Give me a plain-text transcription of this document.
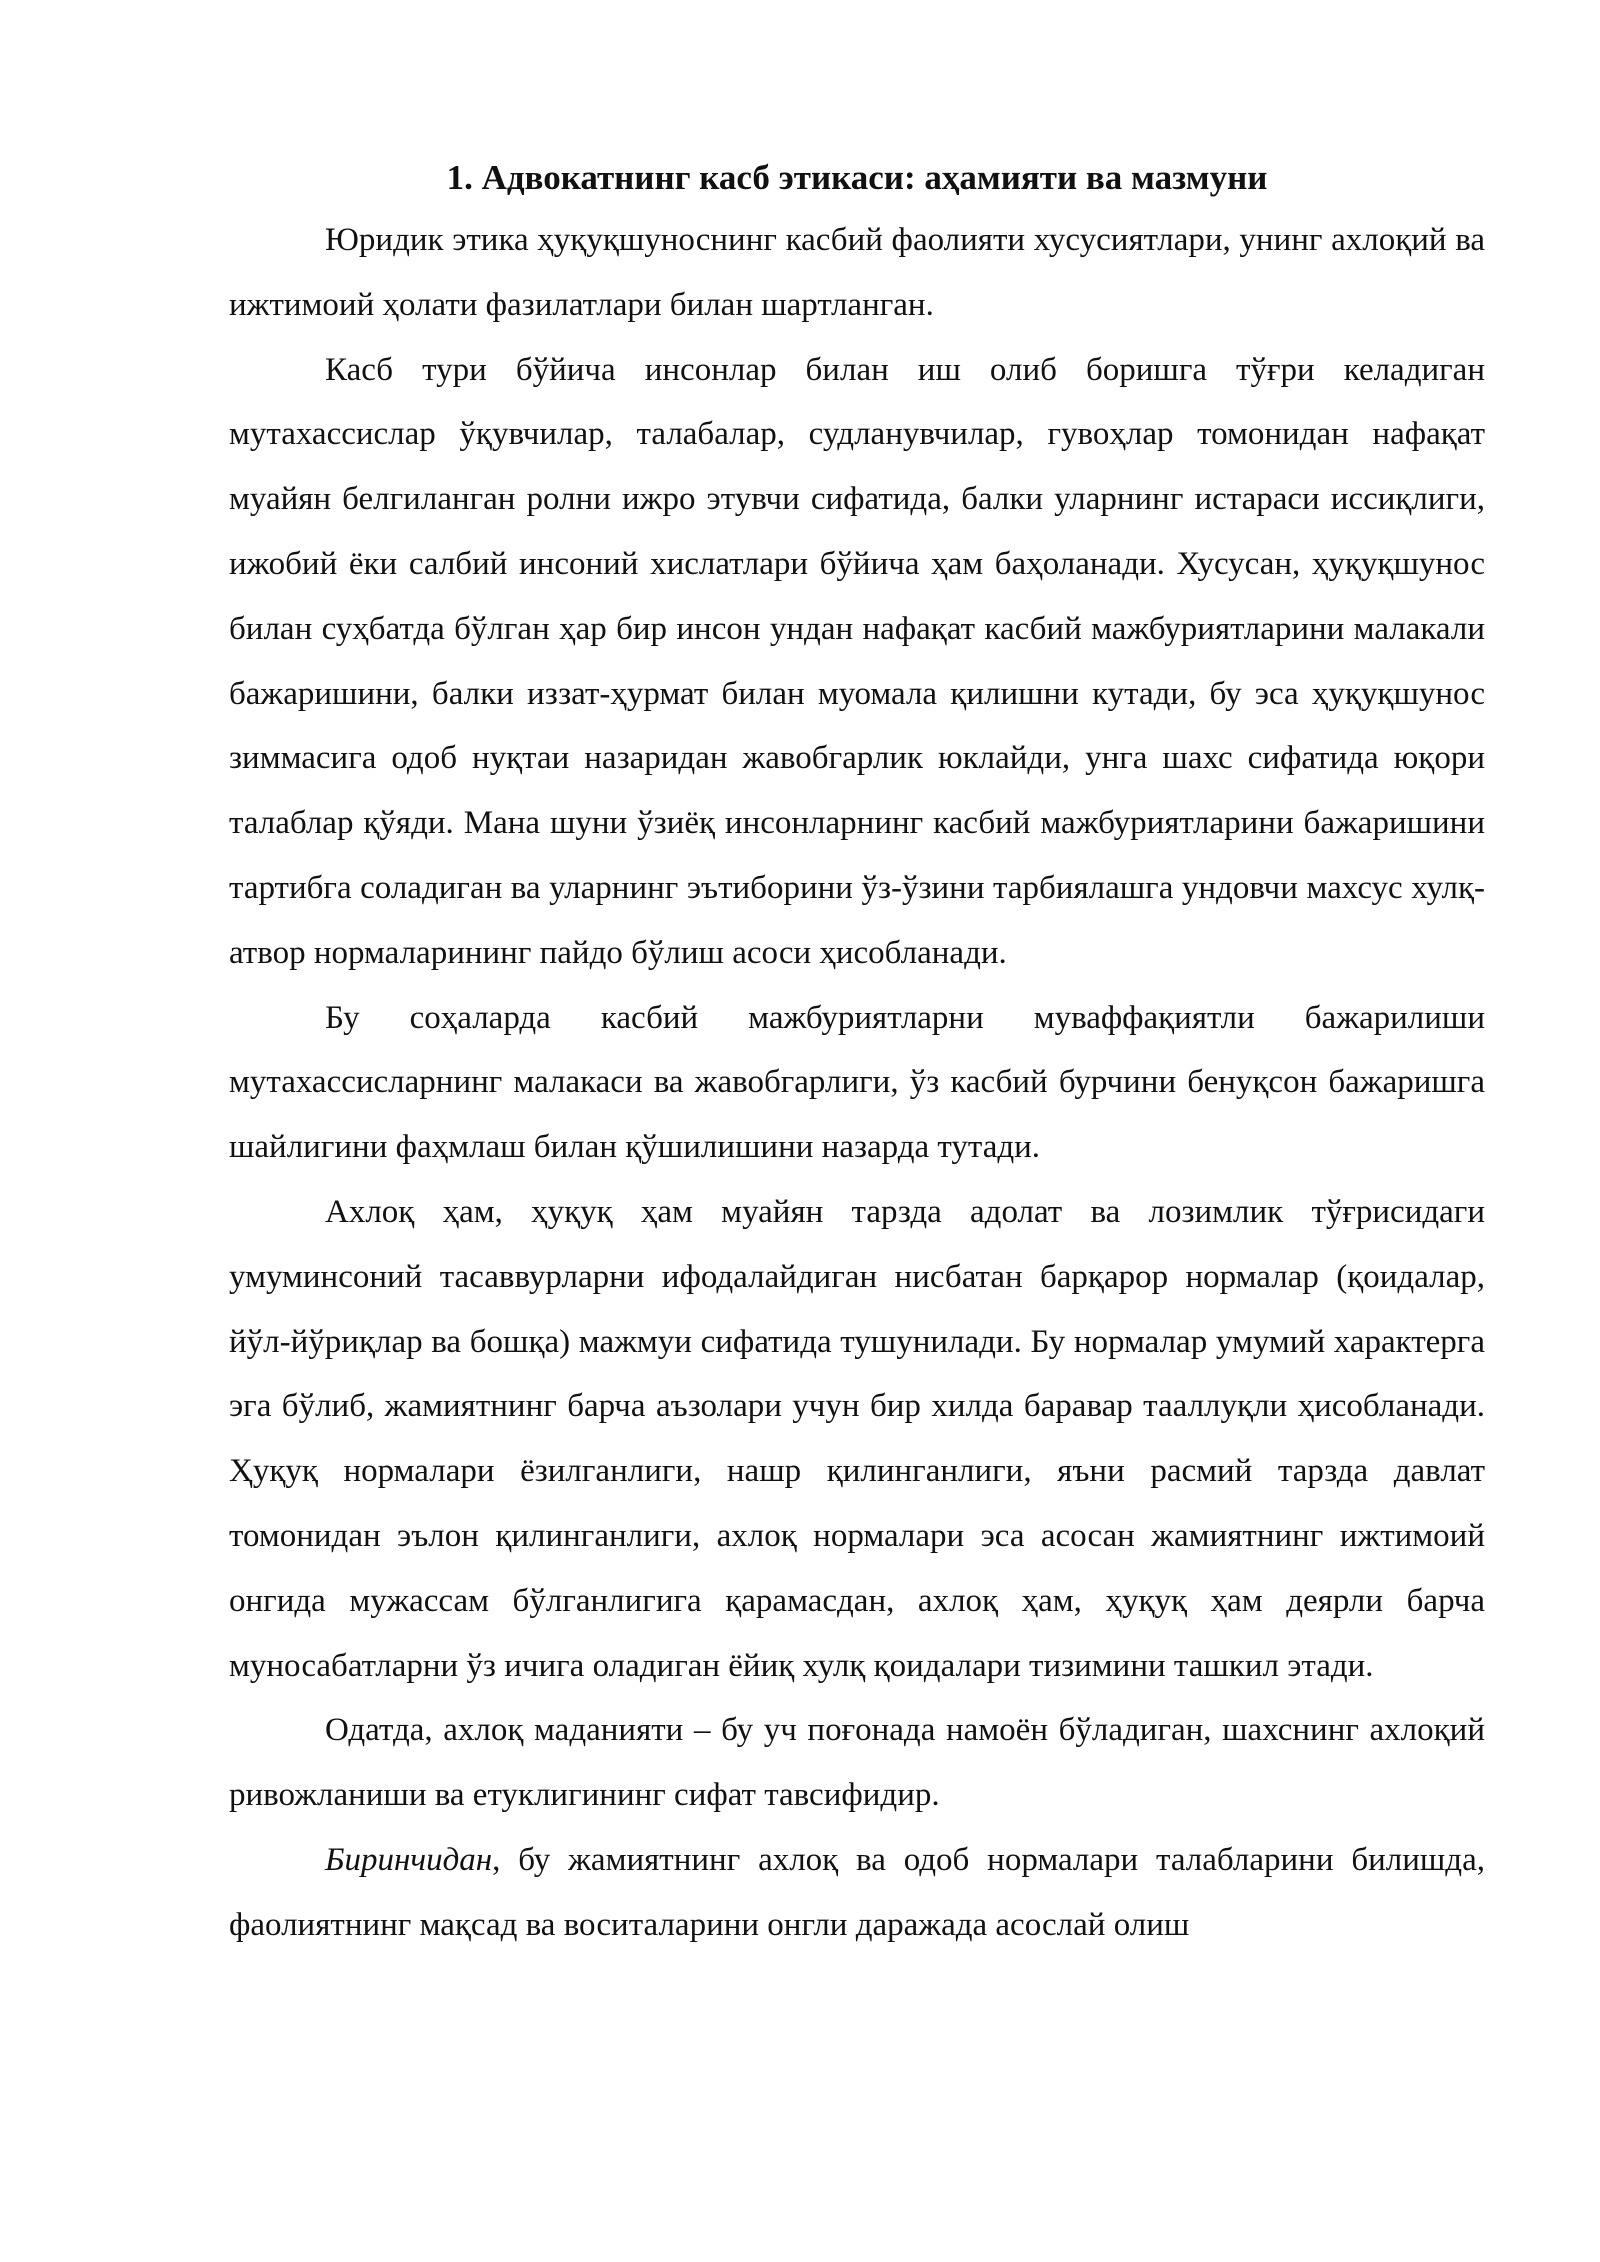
1. Адвокатнинг касб этикаси: аҳамияти ва мазмуни

Юридик этика ҳуқуқшуноснинг касбий фаолияти хусусиятлари, унинг ахлоқий ва ижтимоий ҳолати фазилатлари билан шартланган.

Касб тури бўйича инсонлар билан иш олиб боришга тўғри келадиган мутахассислар ўқувчилар, талабалар, судланувчилар, гувоҳлар томонидан нафақат муайян белгиланган ролни ижро этувчи сифатида, балки уларнинг истараси иссиқлиги, ижобий ёки салбий инсоний хислатлари бўйича ҳам баҳоланади. Хусусан, ҳуқуқшунос билан суҳбатда бўлган ҳар бир инсон ундан нафақат касбий мажбуриятларини малакали бажаришини, балки иззат-ҳурмат билан муомала қилишни кутади, бу эса ҳуқуқшунос зиммасига одоб нуқтаи назаридан жавобгарлик юклайди, унга шахс сифатида юқори талаблар қўяди. Мана шуни ўзиёқ инсонларнинг касбий мажбуриятларини бажаришини тартибга соладиган ва уларнинг эътиборини ўз-ўзини тарбиялашга ундовчи махсус хулқ-атвор нормаларининг пайдо бўлиш асоси ҳисобланади.

Бу соҳаларда касбий мажбуриятларни муваффақиятли бажарилиши мутахассисларнинг малакаси ва жавобгарлиги, ўз касбий бурчини бенуқсон бажаришга шайлигини фаҳмлаш билан қўшилишини назарда тутади.

Ахлоқ ҳам, ҳуқуқ ҳам муайян тарзда адолат ва лозимлик тўғрисидаги умуминсоний тасаввурларни ифодалайдиган нисбатан барқарор нормалар (қоидалар, йўл-йўриқлар ва бошқа) мажмуи сифатида тушунилади. Бу нормалар умумий характерга эга бўлиб, жамиятнинг барча аъзолари учун бир хилда баравар тааллуқли ҳисобланади. Ҳуқуқ нормалари ёзилганлиги, нашр қилинганлиги, яъни расмий тарзда давлат томонидан эълон қилинганлиги, ахлоқ нормалари эса асосан жамиятнинг ижтимоий онгида мужассам бўлганлигига қарамасдан, ахлоқ ҳам, ҳуқуқ ҳам деярли барча муносабатларни ўз ичига оладиган ёйиқ хулқ қоидалари тизимини ташкил этади.

Одатда, ахлоқ маданияти – бу уч поғонада намоён бўладиган, шахснинг ахлоқий ривожланиши ва етуклигининг сифат тавсифидир.

Биринчидан, бу жамиятнинг ахлоқ ва одоб нормалари талабларини билишда, фаолиятнинг мақсад ва воситаларини онгли даражада асослай олиш
